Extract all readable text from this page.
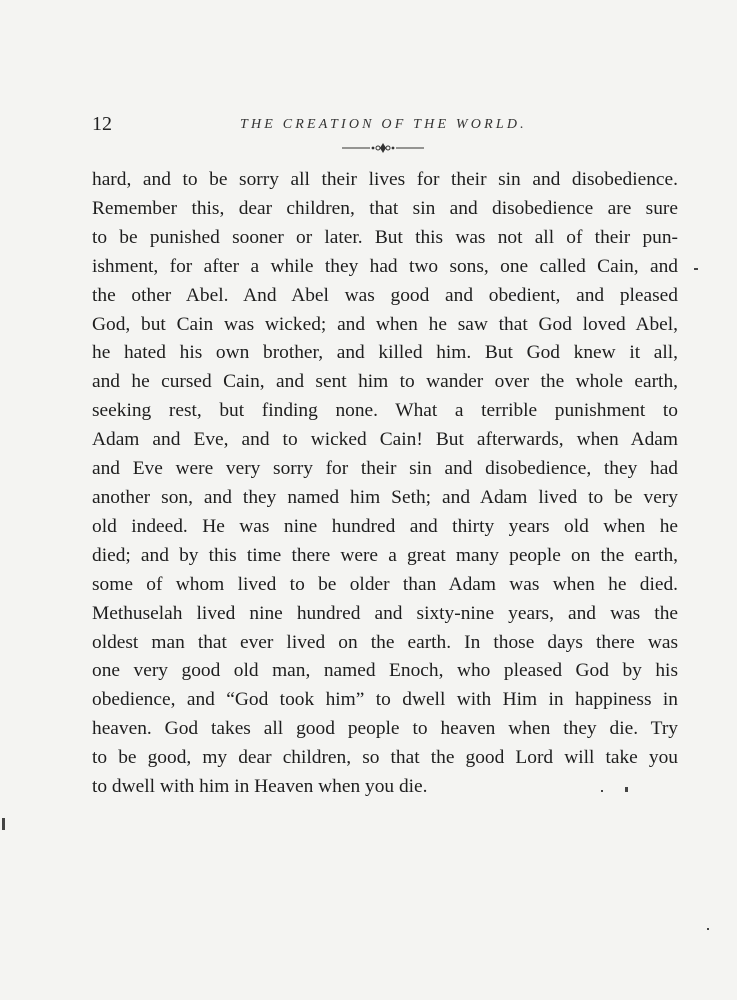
12	THE CREATION OF THE WORLD.
hard, and to be sorry all their lives for their sin and disobedience.
Remember this, dear children, that sin and disobedience are sure
to be punished sooner or later. But this was not all of their pun-
ishment, for after a while they had two sons, one called Cain, and
the other Abel. And Abel was good and obedient, and pleased
God, but Cain was wicked; and when he saw that God loved Abel,
he hated his own brother, and killed him. But God knew it all,
and he cursed Cain, and sent him to wander over the whole earth,
seeking rest, but finding none. What a terrible punishment to
Adam and Eve, and to wicked Cain! But afterwards, when Adam
and Eve were very sorry for their sin and disobedience, they had
another son, and they named him Seth; and Adam lived to be very
old indeed. He was nine hundred and thirty years old when he
died; and by this time there were a great many people on the earth,
some of whom lived to be older than Adam was when he died.
Methuselah lived nine hundred and sixty-nine years, and was the
oldest man that ever lived on the earth. In those days there was
one very good old man, named Enoch, who pleased God by his
obedience, and “God took him” to dwell with Him in happiness in
heaven. God takes all good people to heaven when they die. Try
to be good, my dear children, so that the good Lord will take you
to dwell with him in Heaven when you die.
